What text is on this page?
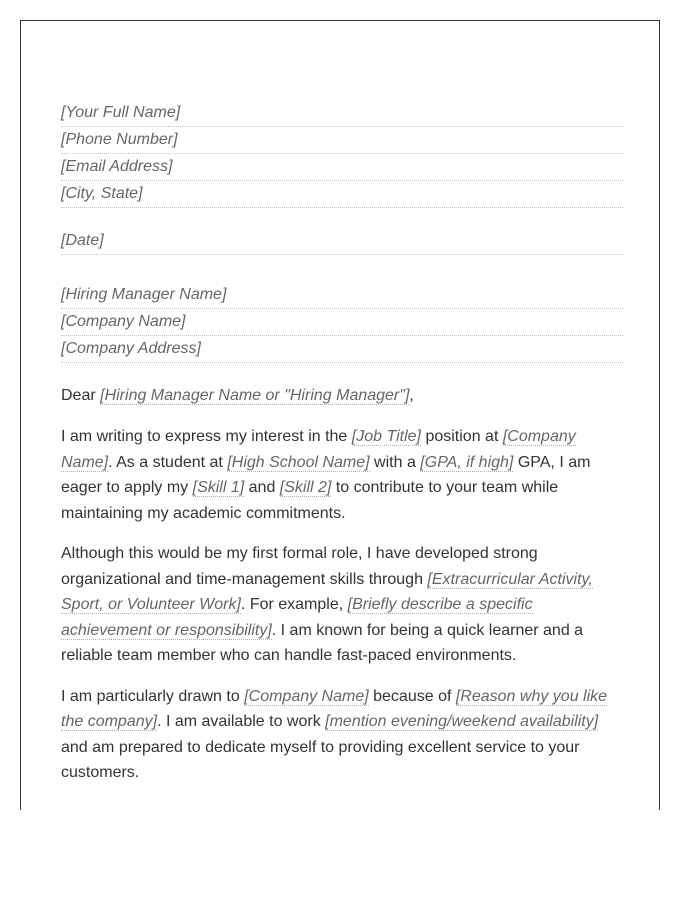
[Your Full Name]
[Phone Number]
[Email Address]
[City, State]
[Date]
[Hiring Manager Name]
[Company Name]
[Company Address]
Dear [Hiring Manager Name or "Hiring Manager"],

I am writing to express my interest in the [Job Title] position at [Company Name]. As a student at [High School Name] with a [GPA, if high] GPA, I am eager to apply my [Skill 1] and [Skill 2] to contribute to your team while maintaining my academic commitments.

Although this would be my first formal role, I have developed strong organizational and time-management skills through [Extracurricular Activity, Sport, or Volunteer Work]. For example, [Briefly describe a specific achievement or responsibility]. I am known for being a quick learner and a reliable team member who can handle fast-paced environments.

I am particularly drawn to [Company Name] because of [Reason why you like the company]. I am available to work [mention evening/weekend availability] and am prepared to dedicate myself to providing excellent service to your customers.
